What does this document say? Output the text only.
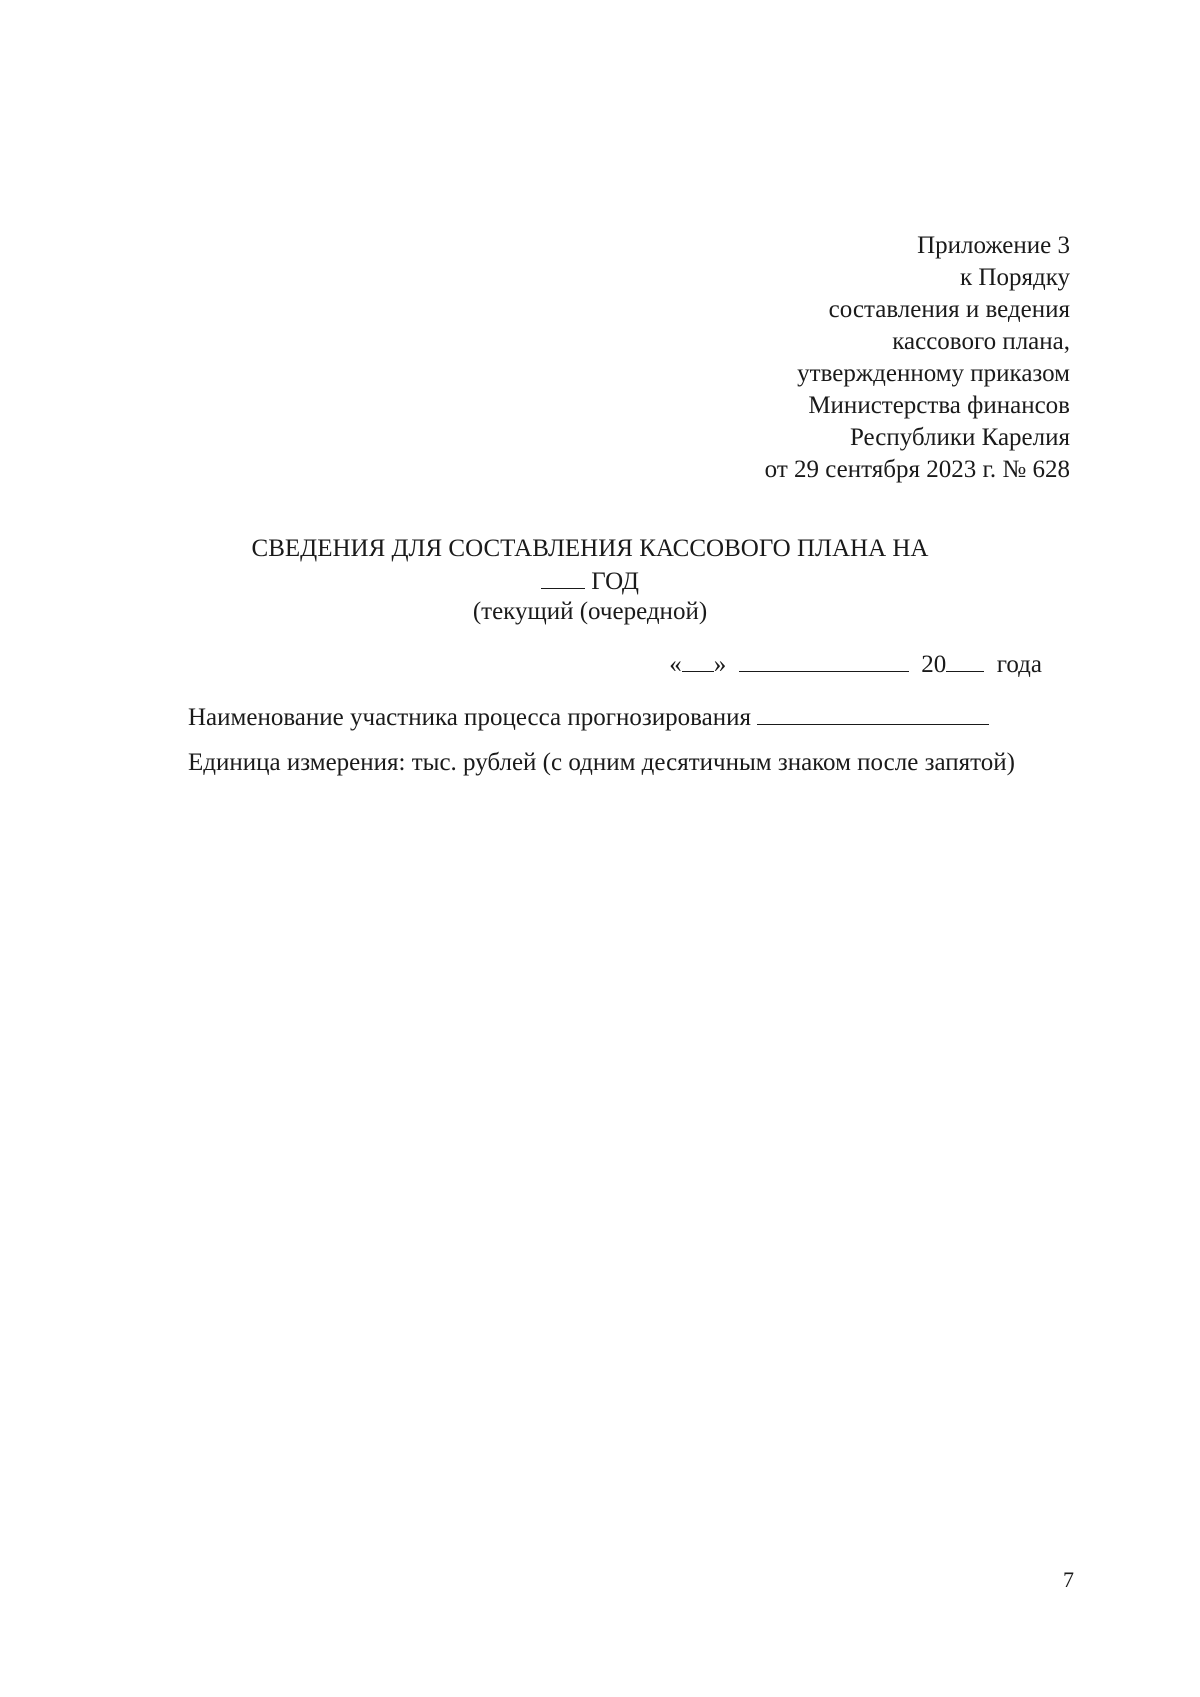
Приложение 3
к Порядку
составления и ведения
кассового плана,
утвержденному приказом
Министерства финансов
Республики Карелия
от 29 сентября 2023 г. № 628
СВЕДЕНИЯ ДЛЯ СОСТАВЛЕНИЯ КАССОВОГО ПЛАНА НА
ГОД
(текущий (очередной)
« »	20 года
Наименование участника процесса прогнозирования
Единица измерения: тыс. рублей (с одним десятичным знаком после запятой)
7
